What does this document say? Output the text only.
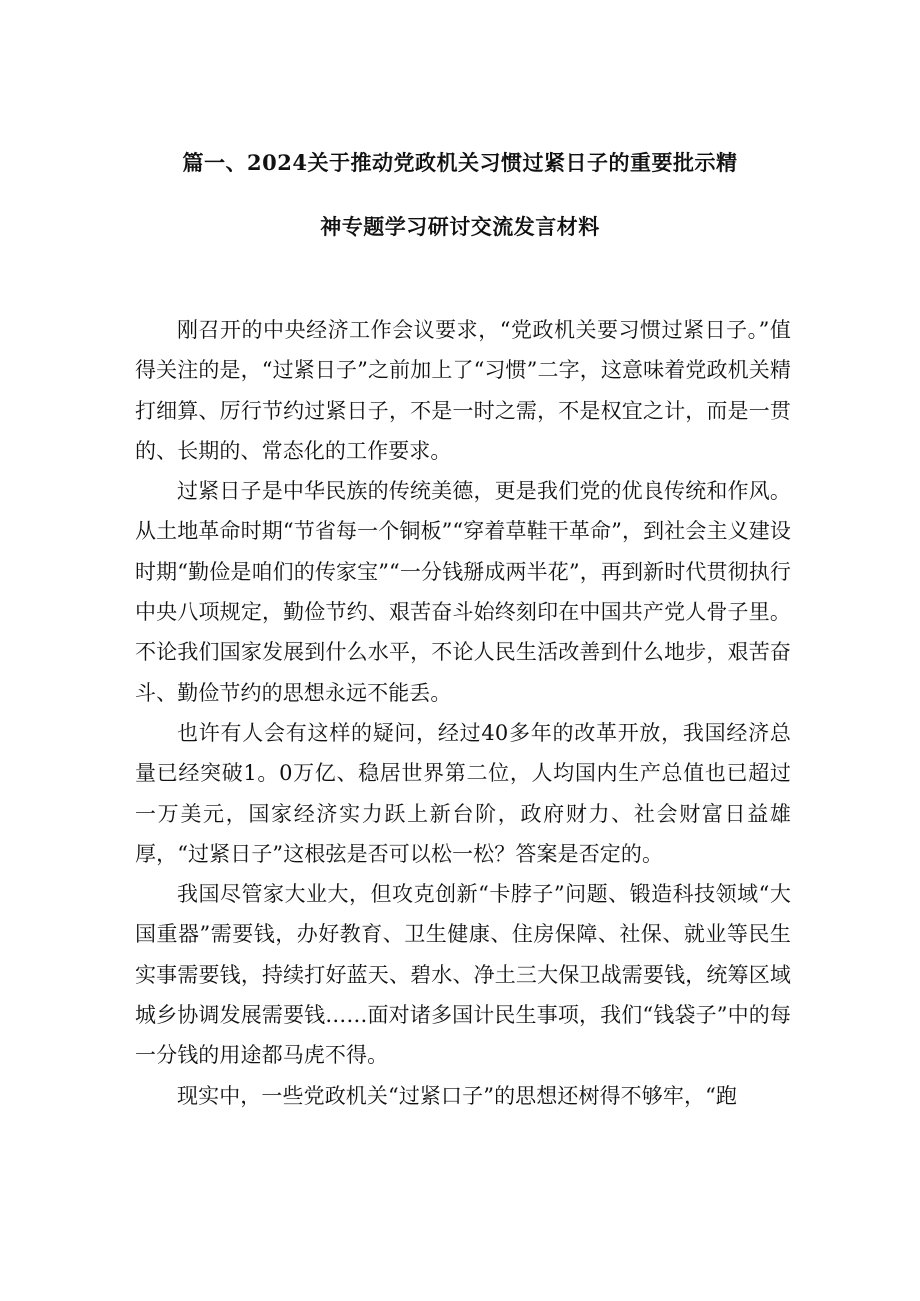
篇一、2024关于推动党政机关习惯过紧日子的重要批示精
神专题学习研讨交流发言材料

刚召开的中央经济工作会议要求，“党政机关要习惯过紧日子。”值得关注的是，“过紧日子”之前加上了“习惯”二字，这意味着党政机关精打细算、厉行节约过紧日子，不是一时之需，不是权宜之计，而是一贯的、长期的、常态化的工作要求。

过紧日子是中华民族的传统美德，更是我们党的优良传统和作风。从土地革命时期“节省每一个铜板”“穿着草鞋干革命”，到社会主义建设时期“勤俭是咱们的传家宝”“一分钱掰成两半花”，再到新时代贯彻执行中央八项规定，勤俭节约、艰苦奋斗始终刻印在中国共产党人骨子里。不论我们国家发展到什么水平，不论人民生活改善到什么地步，艰苦奋斗、勤俭节约的思想永远不能丢。

也许有人会有这样的疑问，经过40多年的改革开放，我国经济总量已经突破1。0万亿、稳居世界第二位，人均国内生产总值也已超过一万美元，国家经济实力跃上新台阶，政府财力、社会财富日益雄厚，“过紧日子”这根弦是否可以松一松？答案是否定的。

我国尽管家大业大，但攻克创新“卡脖子”问题、锻造科技领域“大国重器”需要钱，办好教育、卫生健康、住房保障、社保、就业等民生实事需要钱，持续打好蓝天、碧水、净土三大保卫战需要钱，统筹区域城乡协调发展需要钱……面对诸多国计民生事项，我们“钱袋子”中的每一分钱的用途都马虎不得。

现实中，一些党政机关“过紧口子”的思想还树得不够牢，“跑
